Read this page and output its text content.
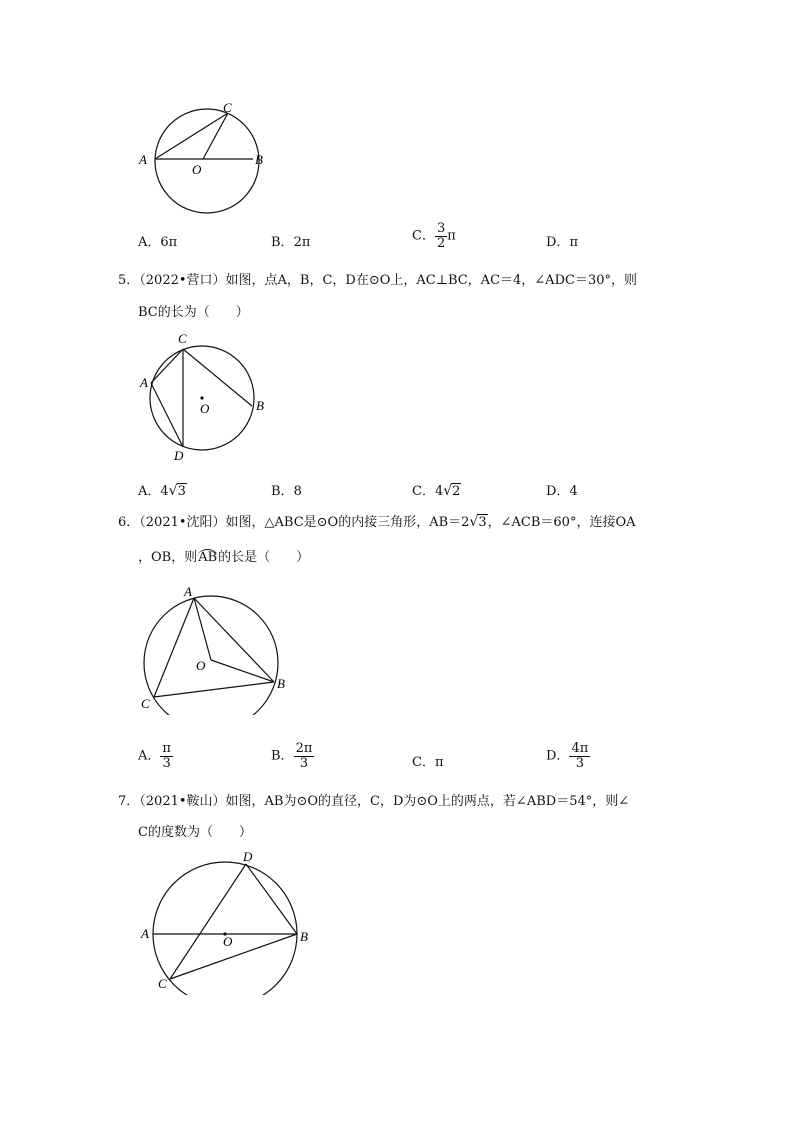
A	B
C
O
A．6π	B．2π	C． $\frac{3}{2}$ π	D．π
5．（2022•营口）如图，点A，B，C，D在⊙O上，AC⊥BC，AC＝4，∠ADC＝30°，则
BC的长为（　　）
C
A
O	B
D
A．4√3	B．8	C．4√2	D．4
6．（2021•沈阳）如图，△ABC是⊙O的内接三角形，AB＝2√3，∠ACB＝60°，连接OA
，OB，则AB的长是（　　）
A
O
B
C
A． $\frac{\pi}{3}$	B． $\frac{2\pi}{3}$	C．π	D． $\frac{4\pi}{3}$
7．（2021•鞍山）如图，AB为⊙O的直径，C，D为⊙O上的两点，若∠ABD＝54°，则∠
C的度数为（　　）
D
A
O	B
C
